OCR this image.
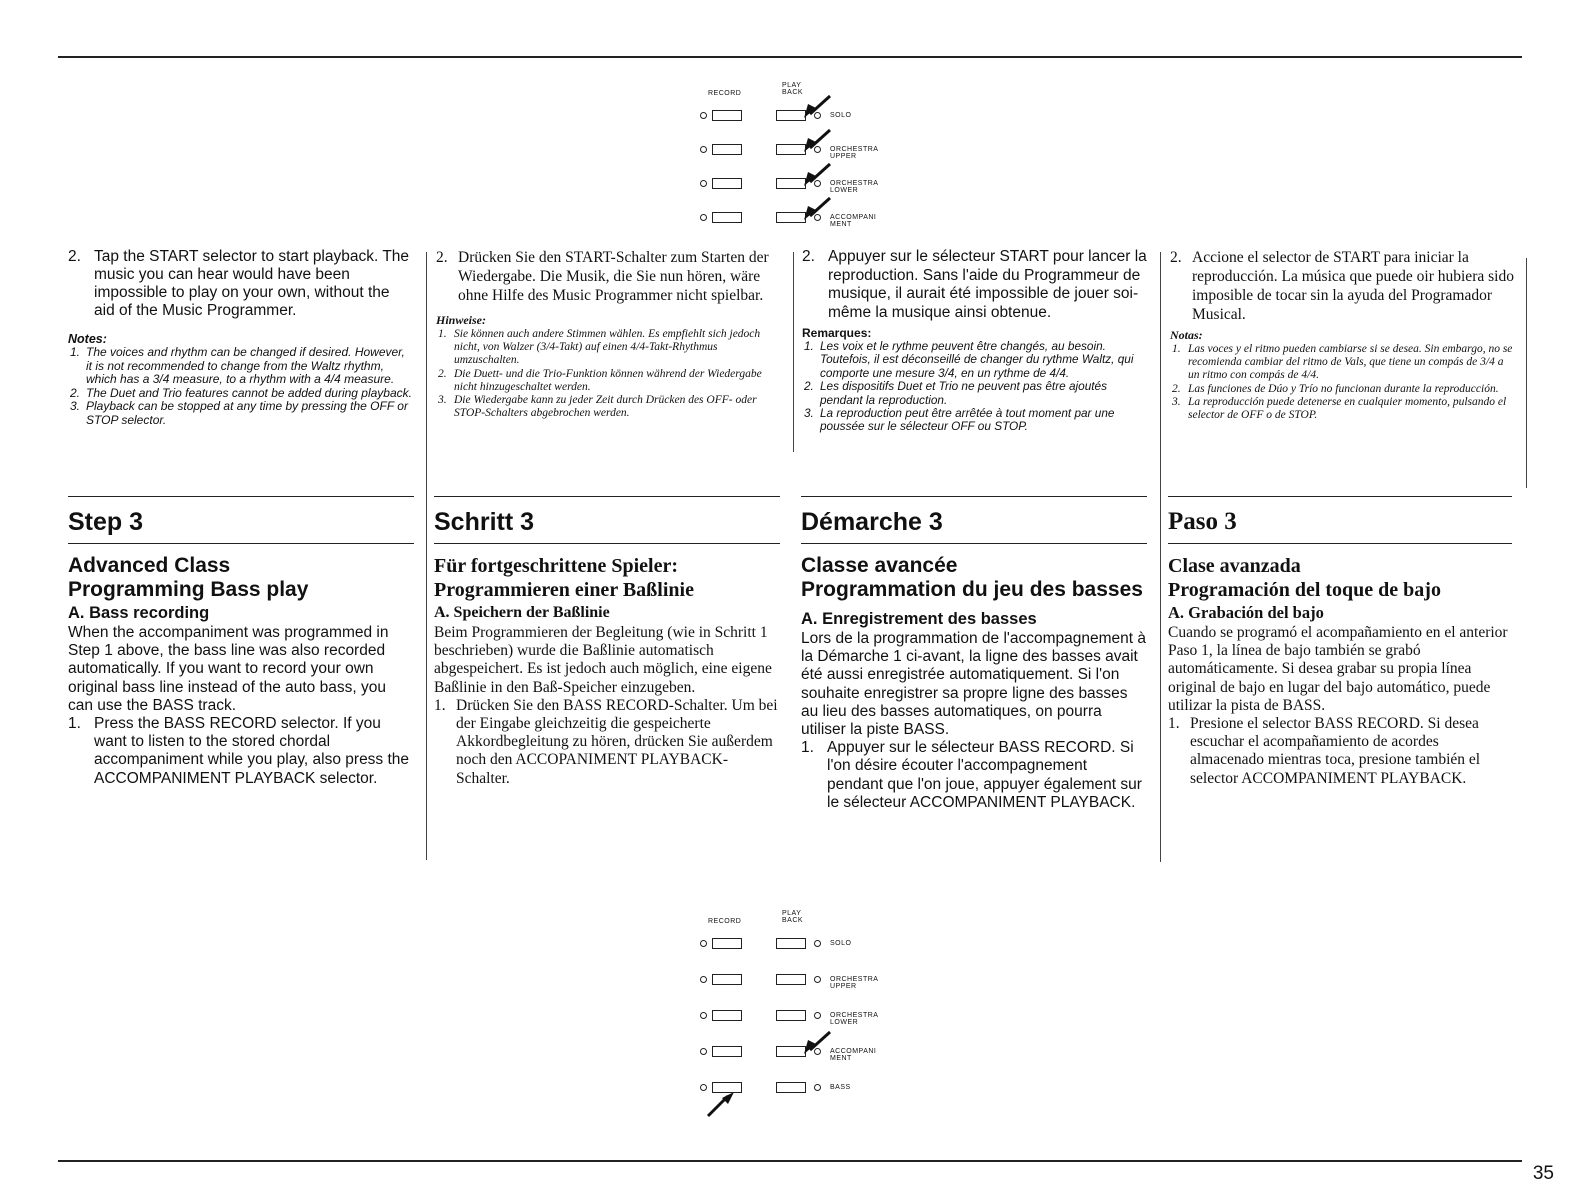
RECORD
PLAY
BACK
SOLO
ORCHESTRA
UPPER
ORCHESTRA
LOWER
ACCOMPANI
MENT
RECORD
PLAY
BACK
SOLO
ORCHESTRA
UPPER
ORCHESTRA
LOWER
ACCOMPANI
MENT
BASS
2. Tap the START selector to start playback. The music you can hear would have been impossible to play on your own, without the aid of the Music Programmer.
Notes:
1. The voices and rhythm can be changed if desired. However, it is not recommended to change from the Waltz rhythm, which has a 3/4 measure, to a rhythm with a 4/4 measure.
2. The Duet and Trio features cannot be added during playback.
3. Playback can be stopped at any time by pressing the OFF or STOP selector.
Step 3
Advanced Class
Programming Bass play
A. Bass recording
When the accompaniment was programmed in Step 1 above, the bass line was also recorded automatically. If you want to record your own original bass line instead of the auto bass, you can use the BASS track.
1. Press the BASS RECORD selector. If you want to listen to the stored chordal accompaniment while you play, also press the ACCOMPANIMENT PLAYBACK selector.
2. Drücken Sie den START-Schalter zum Starten der Wiedergabe. Die Musik, die Sie nun hören, wäre ohne Hilfe des Music Programmer nicht spielbar.
Hinweise:
1. Sie können auch andere Stimmen wählen. Es empfiehlt sich jedoch nicht, von Walzer (3/4-Takt) auf einen 4/4-Takt-Rhythmus umzuschalten.
2. Die Duett- und die Trio-Funktion können während der Wiedergabe nicht hinzugeschaltet werden.
3. Die Wiedergabe kann zu jeder Zeit durch Drücken des OFF- oder STOP-Schalters abgebrochen werden.
Schritt 3
Für fortgeschrittene Spieler:
Programmieren einer Baßlinie
A. Speichern der Baßlinie
Beim Programmieren der Begleitung (wie in Schritt 1 beschrieben) wurde die Baßlinie automatisch abgespeichert. Es ist jedoch auch möglich, eine eigene Baßlinie in den Baß-Speicher einzugeben.
1. Drücken Sie den BASS RECORD-Schalter. Um bei der Eingabe gleichzeitig die gespeicherte Akkordbegleitung zu hören, drücken Sie außerdem noch den ACCOPANIMENT PLAYBACK-Schalter.
2. Appuyer sur le sélecteur START pour lancer la reproduction. Sans l'aide du Programmeur de musique, il aurait été impossible de jouer soi-même la musique ainsi obtenue.
Remarques:
1. Les voix et le rythme peuvent être changés, au besoin. Toutefois, il est déconseillé de changer du rythme Waltz, qui comporte une mesure 3/4, en un rythme de 4/4.
2. Les dispositifs Duet et Trio ne peuvent pas être ajoutés pendant la reproduction.
3. La reproduction peut être arrêtée à tout moment par une poussée sur le sélecteur OFF ou STOP.
Démarche 3
Classe avancée
Programmation du jeu des basses
A. Enregistrement des basses
Lors de la programmation de l'accompagnement à la Démarche 1 ci-avant, la ligne des basses avait été aussi enregistrée automatiquement. Si l'on souhaite enregistrer sa propre ligne des basses au lieu des basses automatiques, on pourra utiliser la piste BASS.
1. Appuyer sur le sélecteur BASS RECORD. Si l'on désire écouter l'accompagnement pendant que l'on joue, appuyer également sur le sélecteur ACCOMPANIMENT PLAYBACK.
2. Accione el selector de START para iniciar la reproducción. La música que puede oir hubiera sido imposible de tocar sin la ayuda del Programador Musical.
Notas:
1. Las voces y el ritmo pueden cambiarse si se desea. Sin embargo, no se recomienda cambiar del ritmo de Vals, que tiene un compás de 3/4 a un ritmo con compás de 4/4.
2. Las funciones de Dúo y Trío no funcionan durante la reproducción.
3. La reproducción puede detenerse en cualquier momento, pulsando el selector de OFF o de STOP.
Paso 3
Clase avanzada
Programación del toque de bajo
A. Grabación del bajo
Cuando se programó el acompañamiento en el anterior Paso 1, la línea de bajo también se grabó automáticamente. Si desea grabar su propia línea original de bajo en lugar del bajo automático, puede utilizar la pista de BASS.
1. Presione el selector BASS RECORD. Si desea escuchar el acompañamiento de acordes almacenado mientras toca, presione también el selector ACCOMPANIMENT PLAYBACK.
35
